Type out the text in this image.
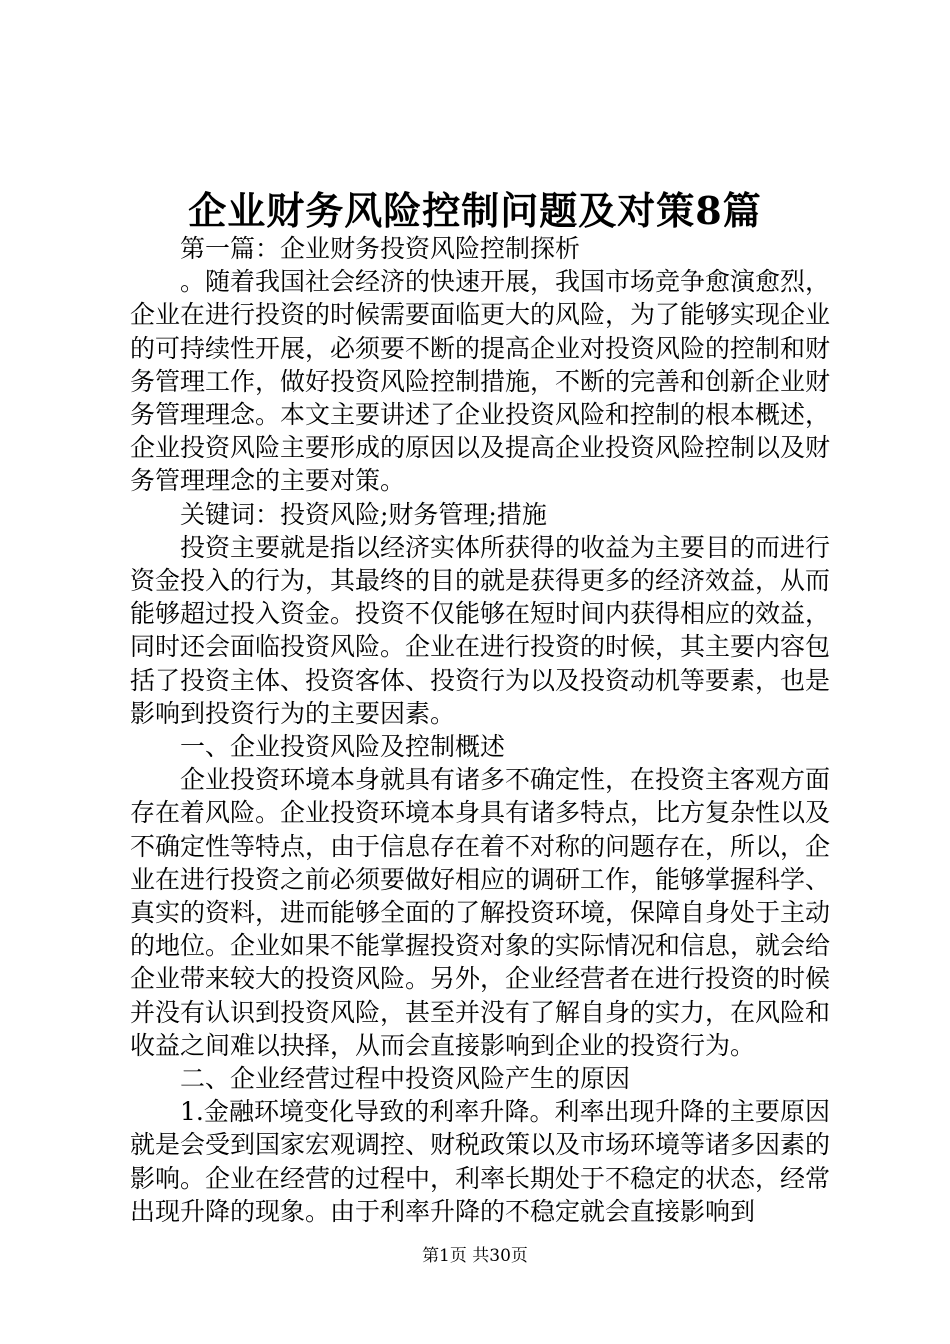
企业财务风险控制问题及对策8篇

第一篇：企业财务投资风险控制探析

。随着我国社会经济的快速开展，我国市场竞争愈演愈烈，企业在进行投资的时候需要面临更大的风险，为了能够实现企业的可持续性开展，必须要不断的提高企业对投资风险的控制和财务管理工作，做好投资风险控制措施，不断的完善和创新企业财务管理理念。本文主要讲述了企业投资风险和控制的根本概述，企业投资风险主要形成的原因以及提高企业投资风险控制以及财务管理理念的主要对策。

关键词：投资风险;财务管理;措施

投资主要就是指以经济实体所获得的收益为主要目的而进行资金投入的行为，其最终的目的就是获得更多的经济效益，从而能够超过投入资金。投资不仅能够在短时间内获得相应的效益，同时还会面临投资风险。企业在进行投资的时候，其主要内容包括了投资主体、投资客体、投资行为以及投资动机等要素，也是影响到投资行为的主要因素。

一、企业投资风险及控制概述

企业投资环境本身就具有诸多不确定性，在投资主客观方面存在着风险。企业投资环境本身具有诸多特点，比方复杂性以及不确定性等特点，由于信息存在着不对称的问题存在，所以，企业在进行投资之前必须要做好相应的调研工作，能够掌握科学、真实的资料，进而能够全面的了解投资环境，保障自身处于主动的地位。企业如果不能掌握投资对象的实际情况和信息，就会给企业带来较大的投资风险。另外，企业经营者在进行投资的时候并没有认识到投资风险，甚至并没有了解自身的实力，在风险和收益之间难以抉择，从而会直接影响到企业的投资行为。

二、企业经营过程中投资风险产生的原因

1.金融环境变化导致的利率升降。利率出现升降的主要原因就是会受到国家宏观调控、财税政策以及市场环境等诸多因素的影响。企业在经营的过程中，利率长期处于不稳定的状态，经常出现升降的现象。由于利率升降的不稳定就会直接影响到

第1页 共30页
